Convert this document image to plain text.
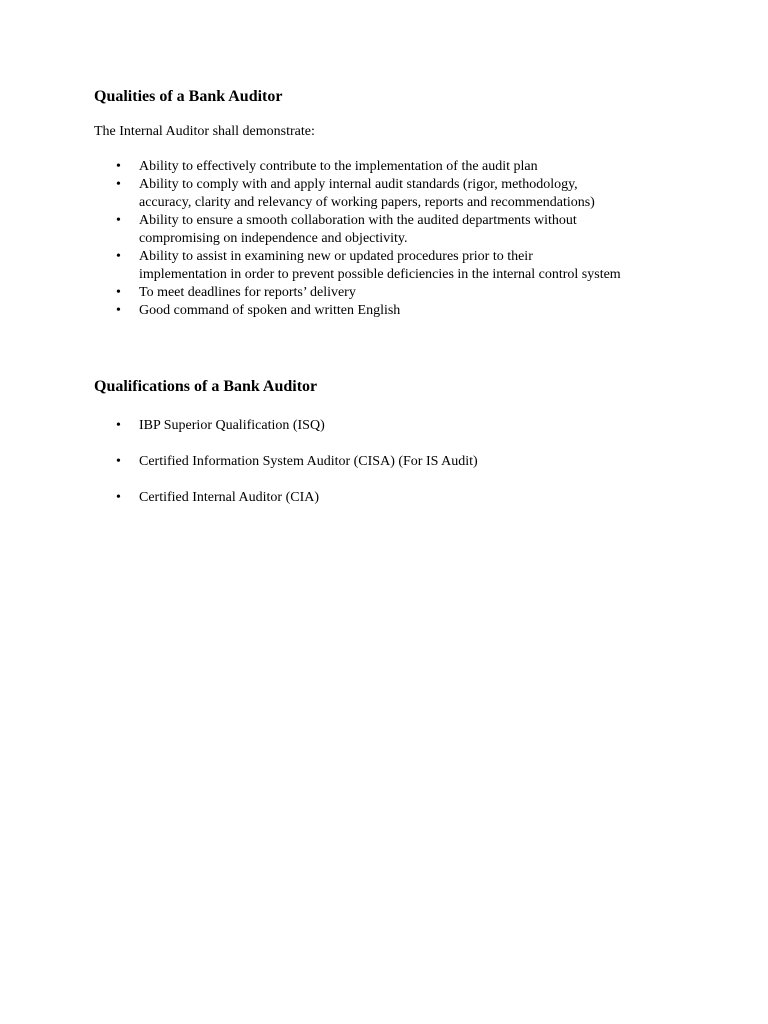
Qualities of a Bank Auditor

The Internal Auditor shall demonstrate:

• Ability to effectively contribute to the implementation of the audit plan
• Ability to comply with and apply internal audit standards (rigor, methodology,
accuracy, clarity and relevancy of working papers, reports and recommendations)
• Ability to ensure a smooth collaboration with the audited departments without
compromising on independence and objectivity.
• Ability to assist in examining new or updated procedures prior to their
implementation in order to prevent possible deficiencies in the internal control system
• To meet deadlines for reports’ delivery
• Good command of spoken and written English
Qualifications of a Bank Auditor
• IBP Superior Qualification (ISQ)
• Certified Information System Auditor (CISA) (For IS Audit)
• Certified Internal Auditor (CIA)
